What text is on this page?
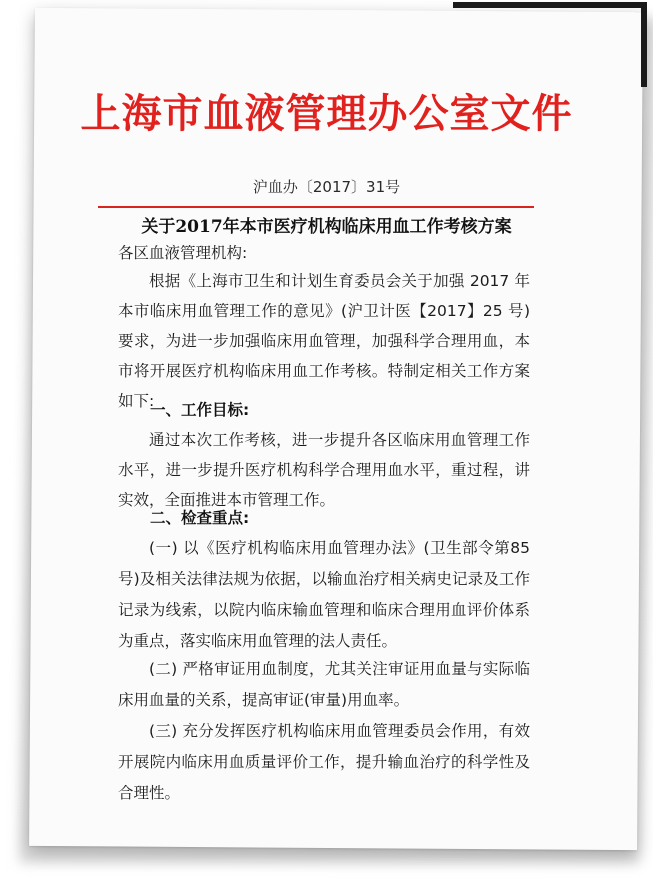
上海市血液管理办公室文件
沪血办〔2017〕31号
关于2017年本市医疗机构临床用血工作考核方案
各区血液管理机构:
根据《上海市卫生和计划生育委员会关于加强 2017 年本市临床用血管理工作的意见》(沪卫计医【2017】25 号)要求，为进一步加强临床用血管理，加强科学合理用血，本市将开展医疗机构临床用血工作考核。特制定相关工作方案如下:
一、工作目标:
通过本次工作考核，进一步提升各区临床用血管理工作水平，进一步提升医疗机构科学合理用血水平，重过程，讲实效，全面推进本市管理工作。
二、检查重点:
(一) 以《医疗机构临床用血管理办法》(卫生部令第85号)及相关法律法规为依据，以输血治疗相关病史记录及工作记录为线索，以院内临床输血管理和临床合理用血评价体系为重点，落实临床用血管理的法人责任。
(二) 严格审证用血制度，尤其关注审证用血量与实际临床用血量的关系，提高审证(审量)用血率。
(三) 充分发挥医疗机构临床用血管理委员会作用，有效开展院内临床用血质量评价工作，提升输血治疗的科学性及合理性。
